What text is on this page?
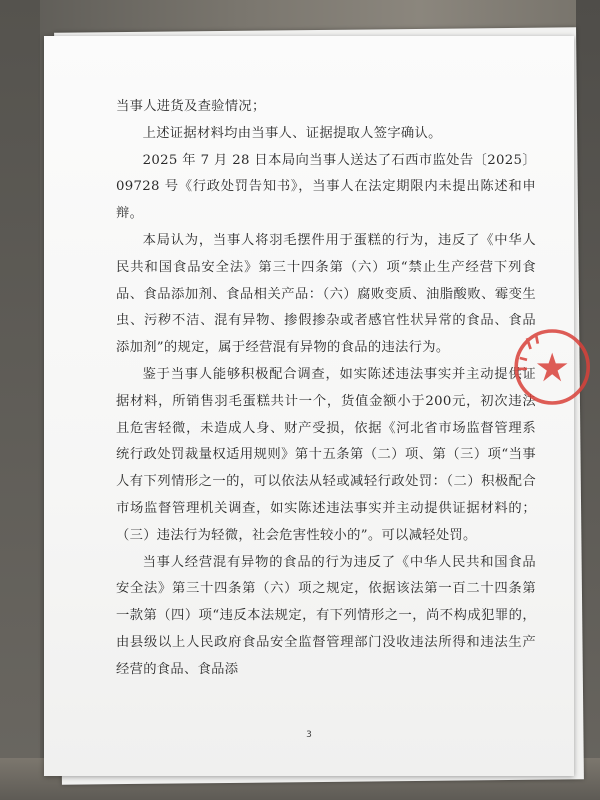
当事人进货及查验情况；

上述证据材料均由当事人、证据提取人签字确认。

2025 年 7 月 28 日本局向当事人送达了石西市监处告〔2025〕09728 号《行政处罚告知书》，当事人在法定期限内未提出陈述和申辩。

本局认为，当事人将羽毛摆件用于蛋糕的行为，违反了《中华人民共和国食品安全法》第三十四条第（六）项“禁止生产经营下列食品、食品添加剂、食品相关产品：（六）腐败变质、油脂酸败、霉变生虫、污秽不洁、混有异物、掺假掺杂或者感官性状异常的食品、食品添加剂”的规定，属于经营混有异物的食品的违法行为。

鉴于当事人能够积极配合调查，如实陈述违法事实并主动提供证据材料，所销售羽毛蛋糕共计一个，货值金额小于200元，初次违法且危害轻微，未造成人身、财产受损，依据《河北省市场监督管理系统行政处罚裁量权适用规则》第十五条第（二）项、第（三）项“当事人有下列情形之一的，可以依法从轻或减轻行政处罚：（二）积极配合市场监督管理机关调查，如实陈述违法事实并主动提供证据材料的；（三）违法行为轻微，社会危害性较小的”。可以减轻处罚。

当事人经营混有异物的食品的行为违反了《中华人民共和国食品安全法》第三十四条第（六）项之规定，依据该法第一百二十四条第一款第（四）项“违反本法规定，有下列情形之一，尚不构成犯罪的，由县级以上人民政府食品安全监督管理部门没收违法所得和违法生产经营的食品、食品添

3
